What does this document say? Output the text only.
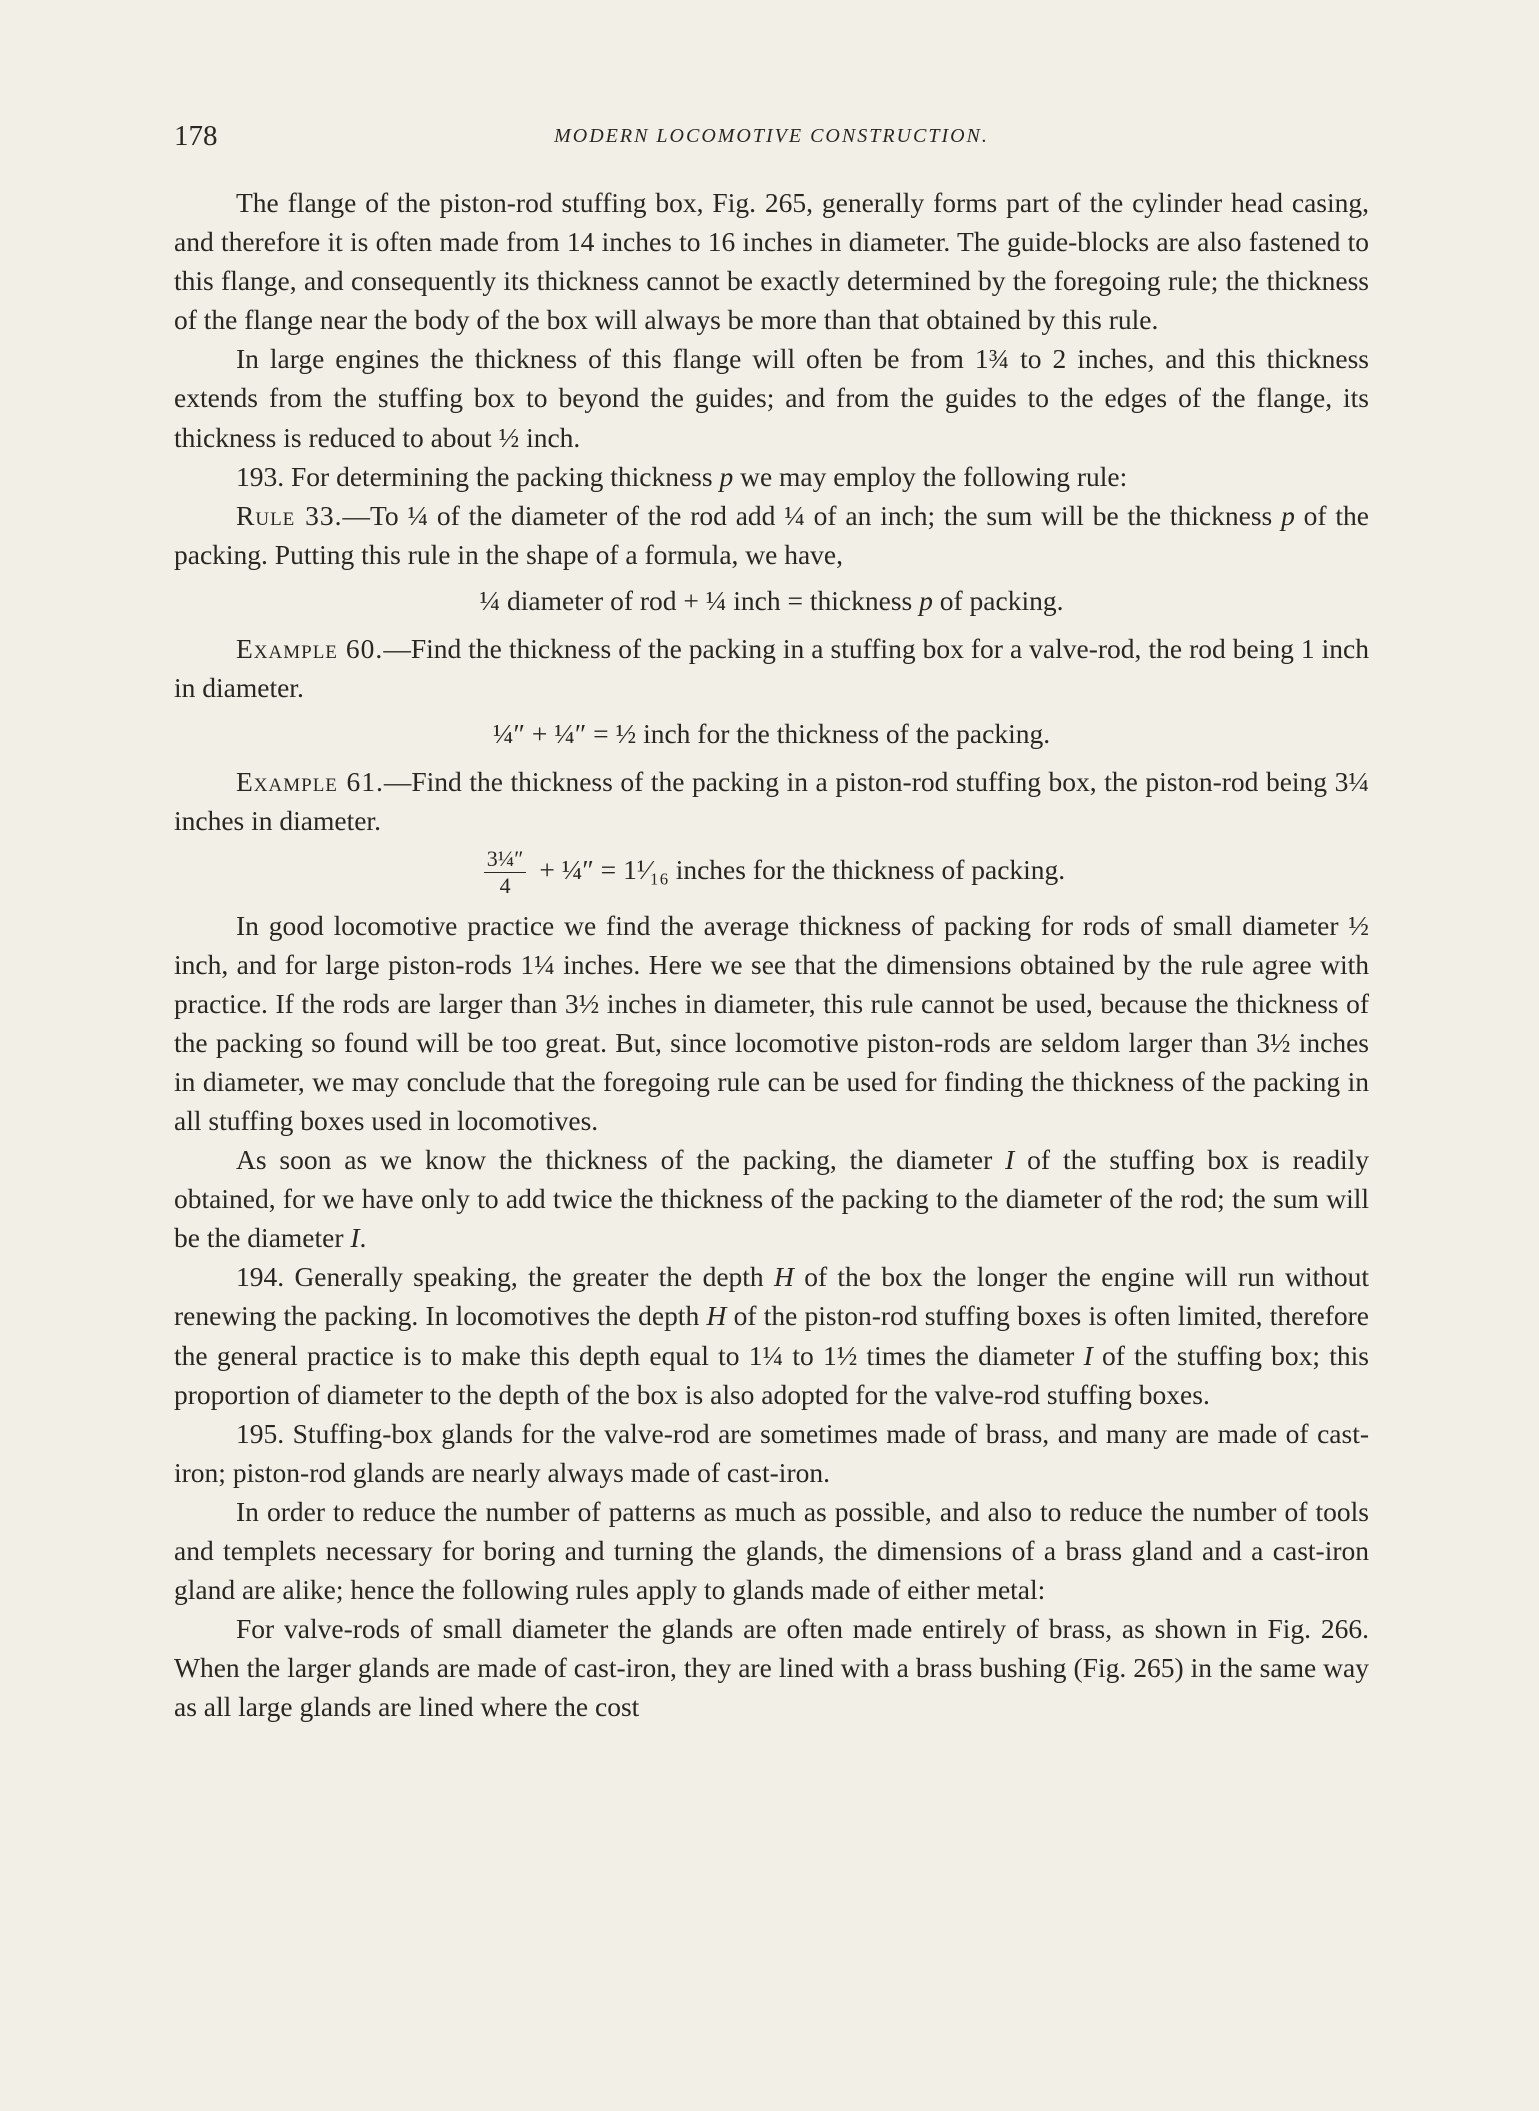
178	MODERN LOCOMOTIVE CONSTRUCTION.

The flange of the piston-rod stuffing box, Fig. 265, generally forms part of the cylinder head casing, and therefore it is often made from 14 inches to 16 inches in diameter. The guide-blocks are also fastened to this flange, and consequently its thickness cannot be exactly determined by the foregoing rule; the thickness of the flange near the body of the box will always be more than that obtained by this rule.

In large engines the thickness of this flange will often be from 1¾ to 2 inches, and this thickness extends from the stuffing box to beyond the guides; and from the guides to the edges of the flange, its thickness is reduced to about ½ inch.

193. For determining the packing thickness p we may employ the following rule:

Rule 33.—To ¼ of the diameter of the rod add ¼ of an inch; the sum will be the thickness p of the packing. Putting this rule in the shape of a formula, we have,

¼ diameter of rod + ¼ inch = thickness p of packing.

Example 60.—Find the thickness of the packing in a stuffing box for a valve-rod, the rod being 1 inch in diameter.

¼″ + ¼″ = ½ inch for the thickness of the packing.

Example 61.—Find the thickness of the packing in a piston-rod stuffing box, the piston-rod being 3¼ inches in diameter.

$\frac{\text{3¼″}}{4}$ + ¼″ = 1¹⁄₁₆ inches for the thickness of packing.

In good locomotive practice we find the average thickness of packing for rods of small diameter ½ inch, and for large piston-rods 1¼ inches. Here we see that the dimensions obtained by the rule agree with practice. If the rods are larger than 3½ inches in diameter, this rule cannot be used, because the thickness of the packing so found will be too great. But, since locomotive piston-rods are seldom larger than 3½ inches in diameter, we may conclude that the foregoing rule can be used for finding the thickness of the packing in all stuffing boxes used in locomotives.

As soon as we know the thickness of the packing, the diameter I of the stuffing box is readily obtained, for we have only to add twice the thickness of the packing to the diameter of the rod; the sum will be the diameter I.

194. Generally speaking, the greater the depth H of the box the longer the engine will run without renewing the packing. In locomotives the depth H of the piston-rod stuffing boxes is often limited, therefore the general practice is to make this depth equal to 1¼ to 1½ times the diameter I of the stuffing box; this proportion of diameter to the depth of the box is also adopted for the valve-rod stuffing boxes.

195. Stuffing-box glands for the valve-rod are sometimes made of brass, and many are made of cast-iron; piston-rod glands are nearly always made of cast-iron.

In order to reduce the number of patterns as much as possible, and also to reduce the number of tools and templets necessary for boring and turning the glands, the dimensions of a brass gland and a cast-iron gland are alike; hence the following rules apply to glands made of either metal:

For valve-rods of small diameter the glands are often made entirely of brass, as shown in Fig. 266. When the larger glands are made of cast-iron, they are lined with a brass bushing (Fig. 265) in the same way as all large glands are lined where the cost
